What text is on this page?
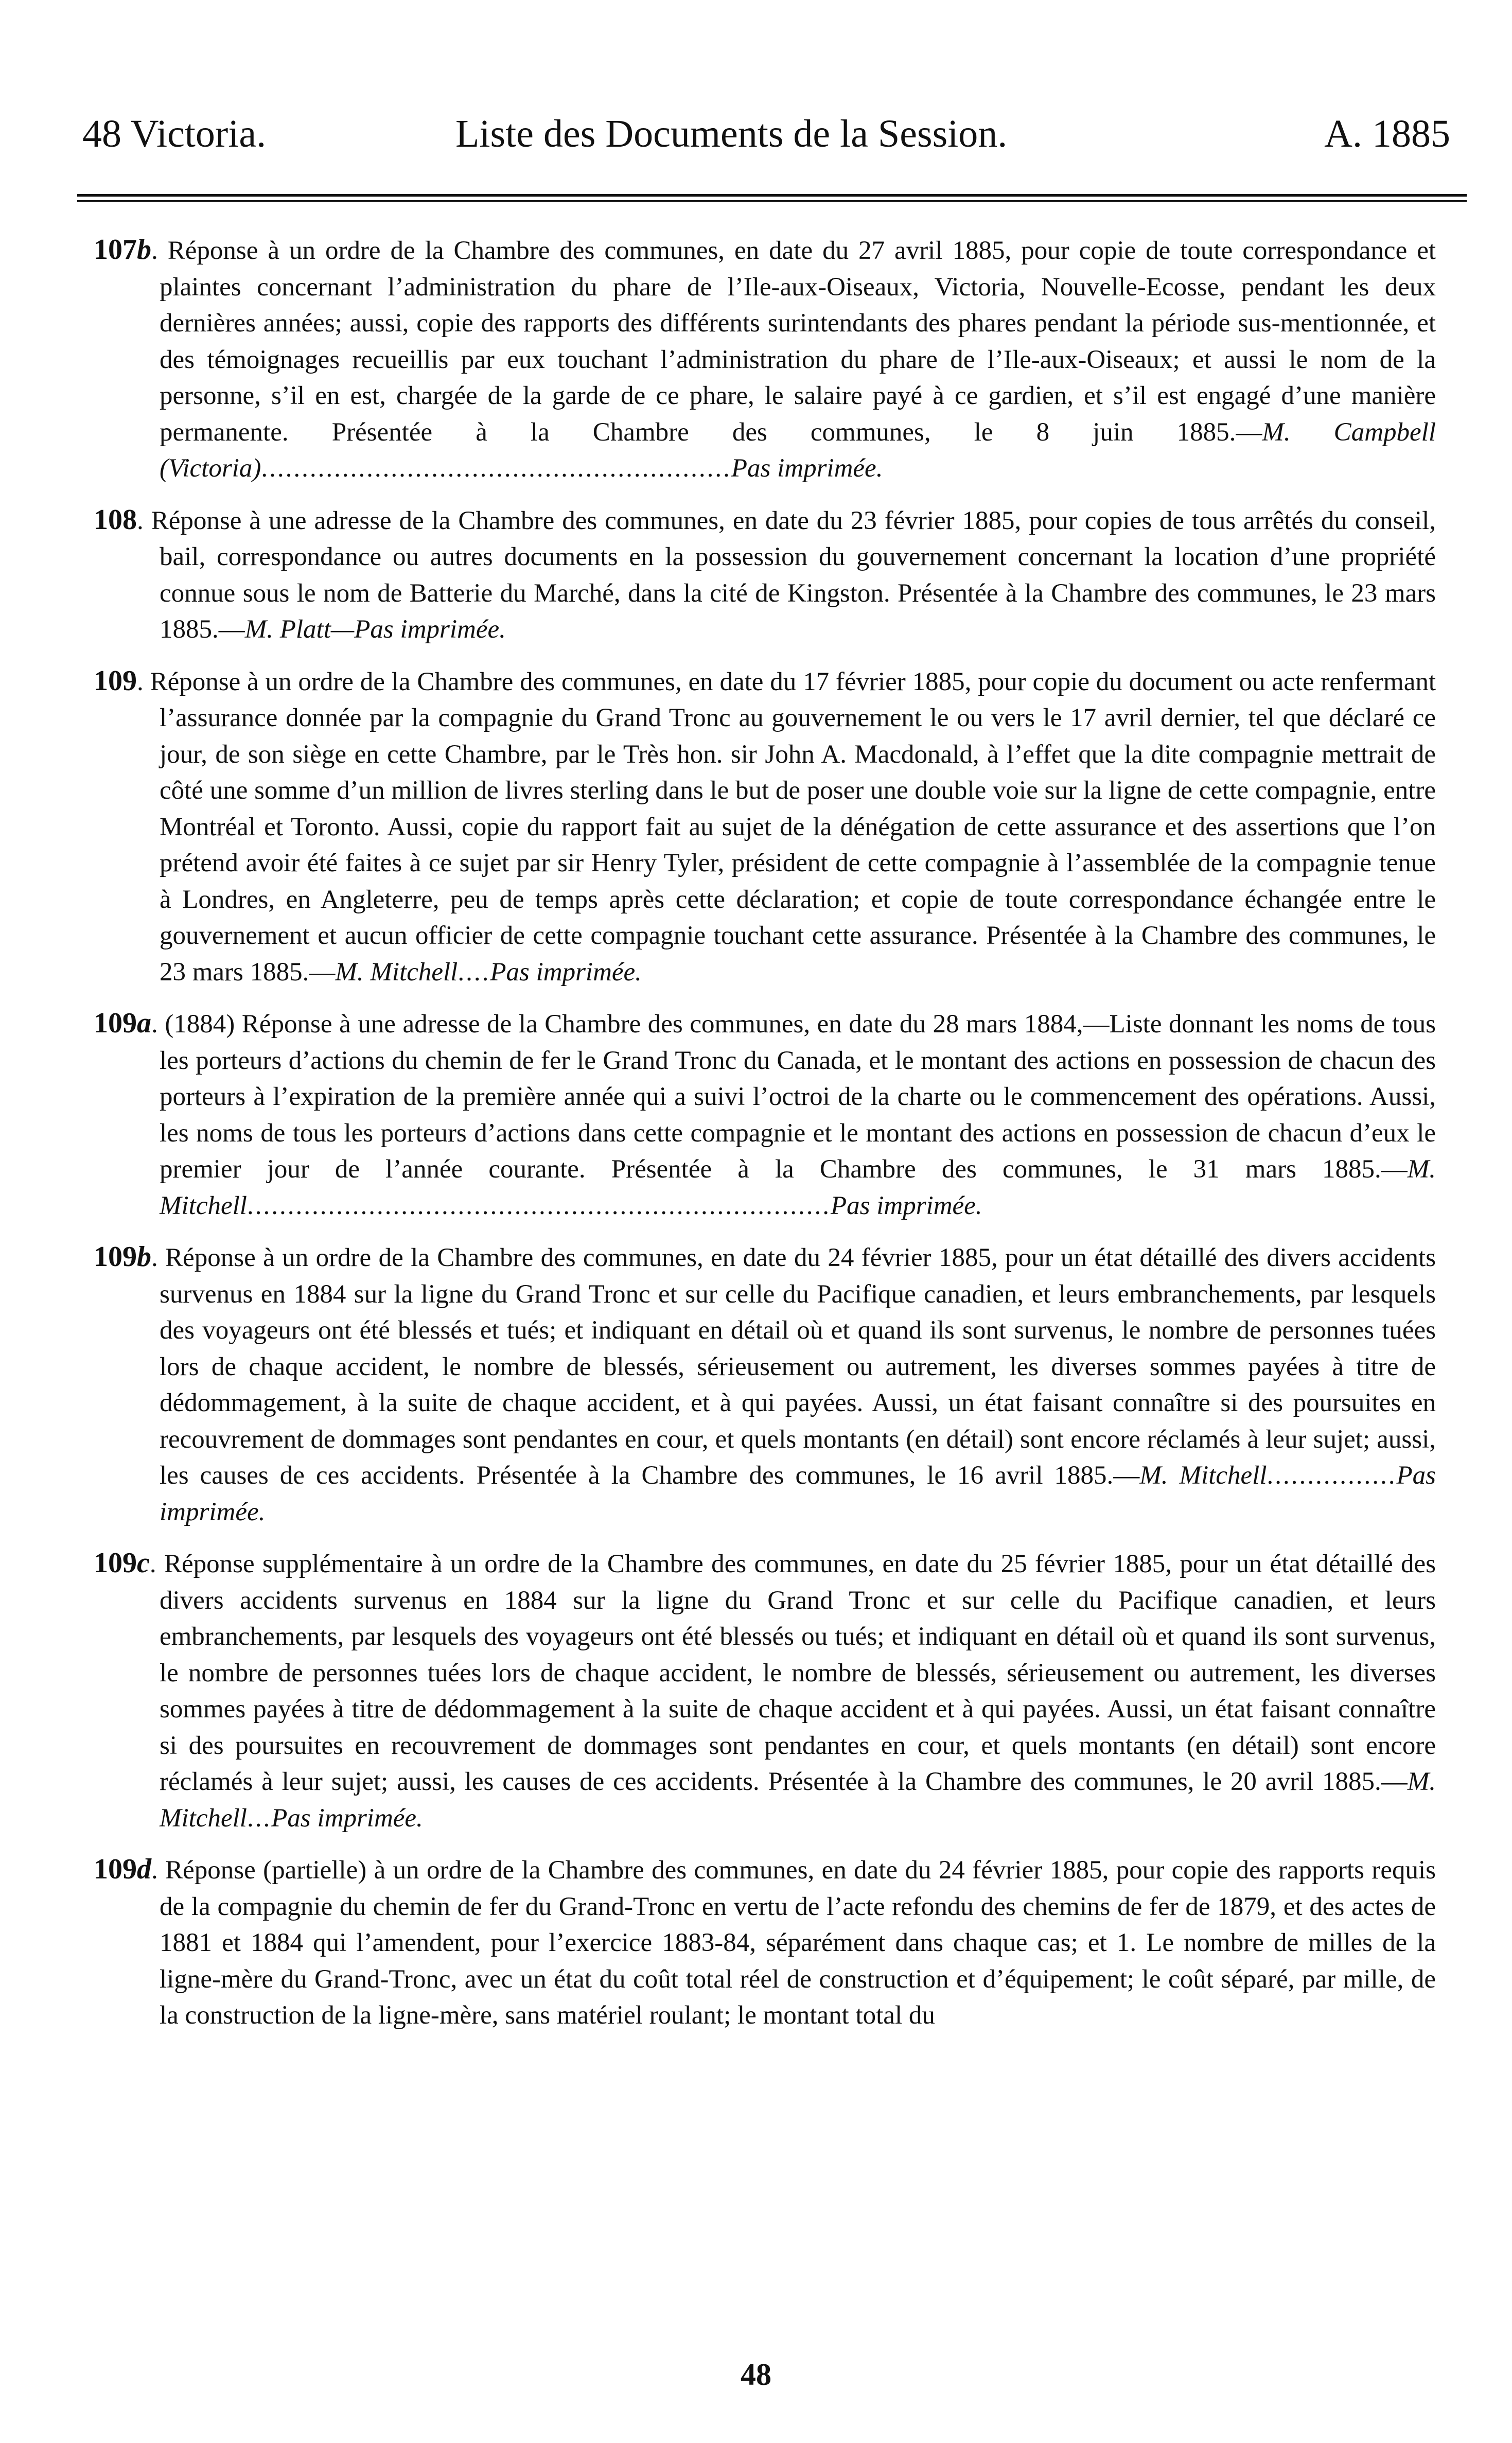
48 Victoria.	Liste des Documents de la Session.	A. 1885
107b. Réponse à un ordre de la Chambre des communes, en date du 27 avril 1885, pour copie de toute correspondance et plaintes concernant l’administration du phare de l’Ile-aux-Oiseaux, Victoria, Nouvelle-Ecosse, pendant les deux dernières années; aussi, copie des rapports des différents surintendants des phares pendant la période sus-mentionnée, et des témoignages recueillis par eux touchant l’administration du phare de l’Ile-aux-Oiseaux; et aussi le nom de la personne, s’il en est, chargée de la garde de ce phare, le salaire payé à ce gardien, et s’il est engagé d’une manière permanente. Présentée à la Chambre des communes, le 8 juin 1885.—M. Campbell (Victoria)..........................................................Pas imprimée.
108. Réponse à une adresse de la Chambre des communes, en date du 23 février 1885, pour copies de tous arrêtés du conseil, bail, correspondance ou autres documents en la possession du gouvernement concernant la location d’une propriété connue sous le nom de Batterie du Marché, dans la cité de Kingston. Présentée à la Chambre des communes, le 23 mars 1885.—M. Platt—Pas imprimée.
109. Réponse à un ordre de la Chambre des communes, en date du 17 février 1885, pour copie du document ou acte renfermant l’assurance donnée par la compagnie du Grand Tronc au gouvernement le ou vers le 17 avril dernier, tel que déclaré ce jour, de son siège en cette Chambre, par le Très hon. sir John A. Macdonald, à l’effet que la dite compagnie mettrait de côté une somme d’un million de livres sterling dans le but de poser une double voie sur la ligne de cette compagnie, entre Montréal et Toronto. Aussi, copie du rapport fait au sujet de la dénégation de cette assurance et des assertions que l’on prétend avoir été faites à ce sujet par sir Henry Tyler, président de cette compagnie à l’assemblée de la compagnie tenue à Londres, en Angleterre, peu de temps après cette déclaration; et copie de toute correspondance échangée entre le gouvernement et aucun officier de cette compagnie touchant cette assurance. Présentée à la Chambre des communes, le 23 mars 1885.—M. Mitchell....Pas imprimée.
109a. (1884) Réponse à une adresse de la Chambre des communes, en date du 28 mars 1884,—Liste donnant les noms de tous les porteurs d’actions du chemin de fer le Grand Tronc du Canada, et le montant des actions en possession de chacun des porteurs à l’expiration de la première année qui a suivi l’octroi de la charte ou le commencement des opérations. Aussi, les noms de tous les porteurs d’actions dans cette compagnie et le montant des actions en possession de chacun d’eux le premier jour de l’année courante. Présentée à la Chambre des communes, le 31 mars 1885.—M. Mitchell........................................................................Pas imprimée.
109b. Réponse à un ordre de la Chambre des communes, en date du 24 février 1885, pour un état détaillé des divers accidents survenus en 1884 sur la ligne du Grand Tronc et sur celle du Pacifique canadien, et leurs embranchements, par lesquels des voyageurs ont été blessés et tués; et indiquant en détail où et quand ils sont survenus, le nombre de personnes tuées lors de chaque accident, le nombre de blessés, sérieusement ou autrement, les diverses sommes payées à titre de dédommagement, à la suite de chaque accident, et à qui payées. Aussi, un état faisant connaître si des poursuites en recouvrement de dommages sont pendantes en cour, et quels montants (en détail) sont encore réclamés à leur sujet; aussi, les causes de ces accidents. Présentée à la Chambre des communes, le 16 avril 1885.—M. Mitchell................Pas imprimée.
109c. Réponse supplémentaire à un ordre de la Chambre des communes, en date du 25 février 1885, pour un état détaillé des divers accidents survenus en 1884 sur la ligne du Grand Tronc et sur celle du Pacifique canadien, et leurs embranchements, par lesquels des voyageurs ont été blessés ou tués; et indiquant en détail où et quand ils sont survenus, le nombre de personnes tuées lors de chaque accident, le nombre de blessés, sérieusement ou autrement, les diverses sommes payées à titre de dédommagement à la suite de chaque accident et à qui payées. Aussi, un état faisant connaître si des poursuites en recouvrement de dommages sont pendantes en cour, et quels montants (en détail) sont encore réclamés à leur sujet; aussi, les causes de ces accidents. Présentée à la Chambre des communes, le 20 avril 1885.—M. Mitchell...Pas imprimée.
109d. Réponse (partielle) à un ordre de la Chambre des communes, en date du 24 février 1885, pour copie des rapports requis de la compagnie du chemin de fer du Grand-Tronc en vertu de l’acte refondu des chemins de fer de 1879, et des actes de 1881 et 1884 qui l’amendent, pour l’exercice 1883-84, séparément dans chaque cas; et 1. Le nombre de milles de la ligne-mère du Grand-Tronc, avec un état du coût total réel de construction et d’équipement; le coût séparé, par mille, de la construction de la ligne-mère, sans matériel roulant; le montant total du
48
